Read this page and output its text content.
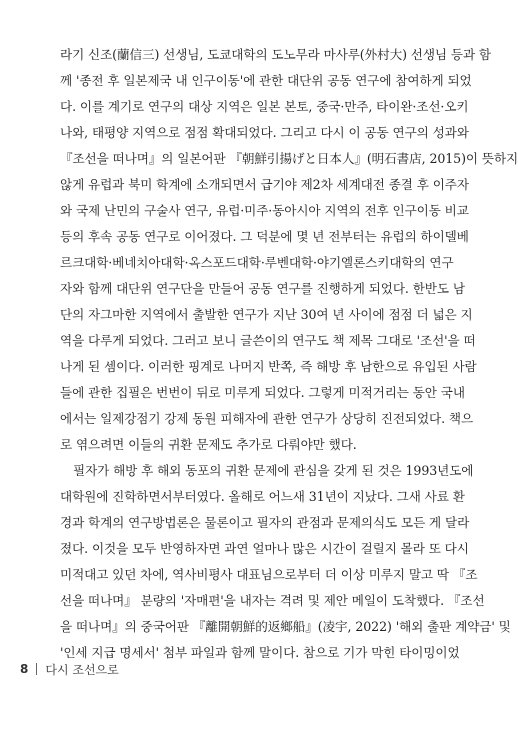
라기 신조(蘭信三) 선생님, 도쿄대학의 도노무라 마사루(外村大) 선생님 등과 함
께 '종전 후 일본제국 내 인구이동'에 관한 대단위 공동 연구에 참여하게 되었
다. 이를 계기로 연구의 대상 지역은 일본 본토, 중국·만주, 타이완·조선·오키
나와, 태평양 지역으로 점점 확대되었다. 그리고 다시 이 공동 연구의 성과와
『조선을 떠나며』의 일본어판 『朝鮮引揚げと日本人』(明石書店, 2015)이 뜻하지
않게 유럽과 북미 학계에 소개되면서 급기야 제2차 세계대전 종결 후 이주자
와 국제 난민의 구술사 연구, 유럽·미주·동아시아 지역의 전후 인구이동 비교
등의 후속 공동 연구로 이어졌다. 그 덕분에 몇 년 전부터는 유럽의 하이델베
르크대학·베네치아대학·옥스포드대학·루벤대학·야기엘론스키대학의 연구
자와 함께 대단위 연구단을 만들어 공동 연구를 진행하게 되었다. 한반도 남
단의 자그마한 지역에서 출발한 연구가 지난 30여 년 사이에 점점 더 넓은 지
역을 다루게 되었다. 그러고 보니 글쓴이의 연구도 책 제목 그대로 '조선'을 떠
나게 된 셈이다. 이러한 핑계로 나머지 반쪽, 즉 해방 후 남한으로 유입된 사람
들에 관한 집필은 번번이 뒤로 미루게 되었다. 그렇게 미적거리는 동안 국내
에서는 일제강점기 강제 동원 피해자에 관한 연구가 상당히 진전되었다. 책으
로 엮으려면 이들의 귀환 문제도 추가로 다뤄야만 했다.
필자가 해방 후 해외 동포의 귀환 문제에 관심을 갖게 된 것은 1993년도에
대학원에 진학하면서부터였다. 올해로 어느새 31년이 지났다. 그새 사료 환
경과 학계의 연구방법론은 물론이고 필자의 관점과 문제의식도 모든 게 달라
졌다. 이것을 모두 반영하자면 과연 얼마나 많은 시간이 걸릴지 몰라 또 다시
미적대고 있던 차에, 역사비평사 대표님으로부터 더 이상 미루지 말고 딱 『조
선을 떠나며』 분량의 '자매편'을 내자는 격려 및 제안 메일이 도착했다. 『조선
을 떠나며』의 중국어판 『離開朝鮮的返鄉船』(凌宇, 2022) '해외 출판 계약금' 및
'인세 지급 명세서' 첨부 파일과 함께 말이다. 참으로 기가 막힌 타이밍이었
8 다시 조선으로
